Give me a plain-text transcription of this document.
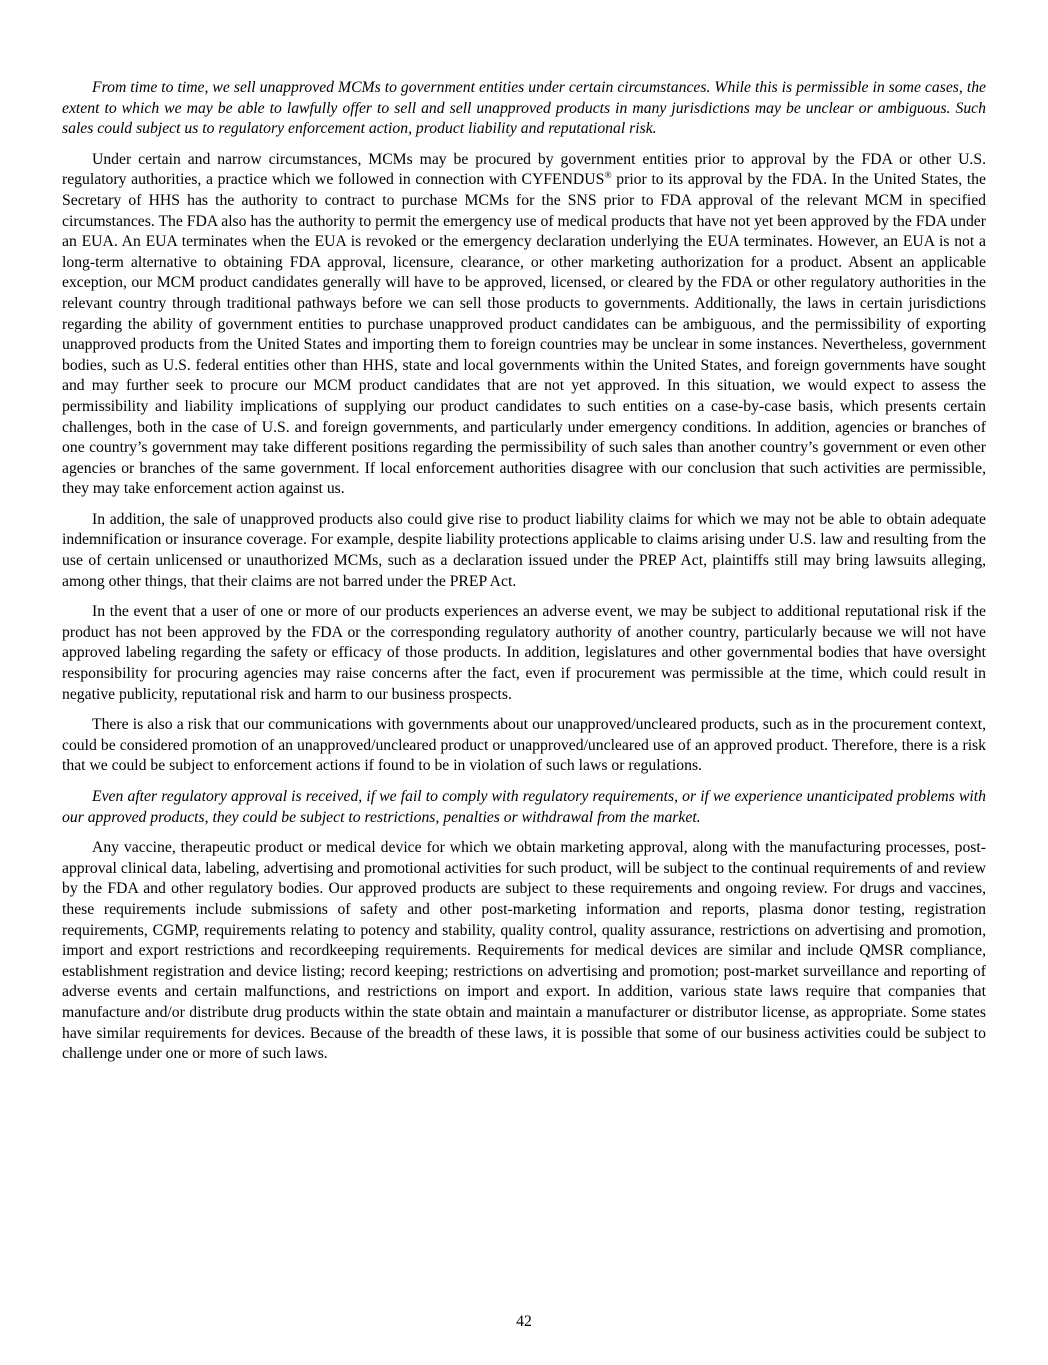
From time to time, we sell unapproved MCMs to government entities under certain circumstances. While this is permissible in some cases, the extent to which we may be able to lawfully offer to sell and sell unapproved products in many jurisdictions may be unclear or ambiguous. Such sales could subject us to regulatory enforcement action, product liability and reputational risk.

Under certain and narrow circumstances, MCMs may be procured by government entities prior to approval by the FDA or other U.S. regulatory authorities, a practice which we followed in connection with CYFENDUS® prior to its approval by the FDA. In the United States, the Secretary of HHS has the authority to contract to purchase MCMs for the SNS prior to FDA approval of the relevant MCM in specified circumstances. The FDA also has the authority to permit the emergency use of medical products that have not yet been approved by the FDA under an EUA. An EUA terminates when the EUA is revoked or the emergency declaration underlying the EUA terminates. However, an EUA is not a long-term alternative to obtaining FDA approval, licensure, clearance, or other marketing authorization for a product. Absent an applicable exception, our MCM product candidates generally will have to be approved, licensed, or cleared by the FDA or other regulatory authorities in the relevant country through traditional pathways before we can sell those products to governments. Additionally, the laws in certain jurisdictions regarding the ability of government entities to purchase unapproved product candidates can be ambiguous, and the permissibility of exporting unapproved products from the United States and importing them to foreign countries may be unclear in some instances. Nevertheless, government bodies, such as U.S. federal entities other than HHS, state and local governments within the United States, and foreign governments have sought and may further seek to procure our MCM product candidates that are not yet approved. In this situation, we would expect to assess the permissibility and liability implications of supplying our product candidates to such entities on a case-by-case basis, which presents certain challenges, both in the case of U.S. and foreign governments, and particularly under emergency conditions. In addition, agencies or branches of one country’s government may take different positions regarding the permissibility of such sales than another country’s government or even other agencies or branches of the same government. If local enforcement authorities disagree with our conclusion that such activities are permissible, they may take enforcement action against us.

In addition, the sale of unapproved products also could give rise to product liability claims for which we may not be able to obtain adequate indemnification or insurance coverage. For example, despite liability protections applicable to claims arising under U.S. law and resulting from the use of certain unlicensed or unauthorized MCMs, such as a declaration issued under the PREP Act, plaintiffs still may bring lawsuits alleging, among other things, that their claims are not barred under the PREP Act.

In the event that a user of one or more of our products experiences an adverse event, we may be subject to additional reputational risk if the product has not been approved by the FDA or the corresponding regulatory authority of another country, particularly because we will not have approved labeling regarding the safety or efficacy of those products. In addition, legislatures and other governmental bodies that have oversight responsibility for procuring agencies may raise concerns after the fact, even if procurement was permissible at the time, which could result in negative publicity, reputational risk and harm to our business prospects.

There is also a risk that our communications with governments about our unapproved/uncleared products, such as in the procurement context, could be considered promotion of an unapproved/uncleared product or unapproved/uncleared use of an approved product. Therefore, there is a risk that we could be subject to enforcement actions if found to be in violation of such laws or regulations.

Even after regulatory approval is received, if we fail to comply with regulatory requirements, or if we experience unanticipated problems with our approved products, they could be subject to restrictions, penalties or withdrawal from the market.

Any vaccine, therapeutic product or medical device for which we obtain marketing approval, along with the manufacturing processes, post-approval clinical data, labeling, advertising and promotional activities for such product, will be subject to the continual requirements of and review by the FDA and other regulatory bodies. Our approved products are subject to these requirements and ongoing review. For drugs and vaccines, these requirements include submissions of safety and other post-marketing information and reports, plasma donor testing, registration requirements, CGMP, requirements relating to potency and stability, quality control, quality assurance, restrictions on advertising and promotion, import and export restrictions and recordkeeping requirements. Requirements for medical devices are similar and include QMSR compliance, establishment registration and device listing; record keeping; restrictions on advertising and promotion; post-market surveillance and reporting of adverse events and certain malfunctions, and restrictions on import and export. In addition, various state laws require that companies that manufacture and/or distribute drug products within the state obtain and maintain a manufacturer or distributor license, as appropriate. Some states have similar requirements for devices. Because of the breadth of these laws, it is possible that some of our business activities could be subject to challenge under one or more of such laws.

42
